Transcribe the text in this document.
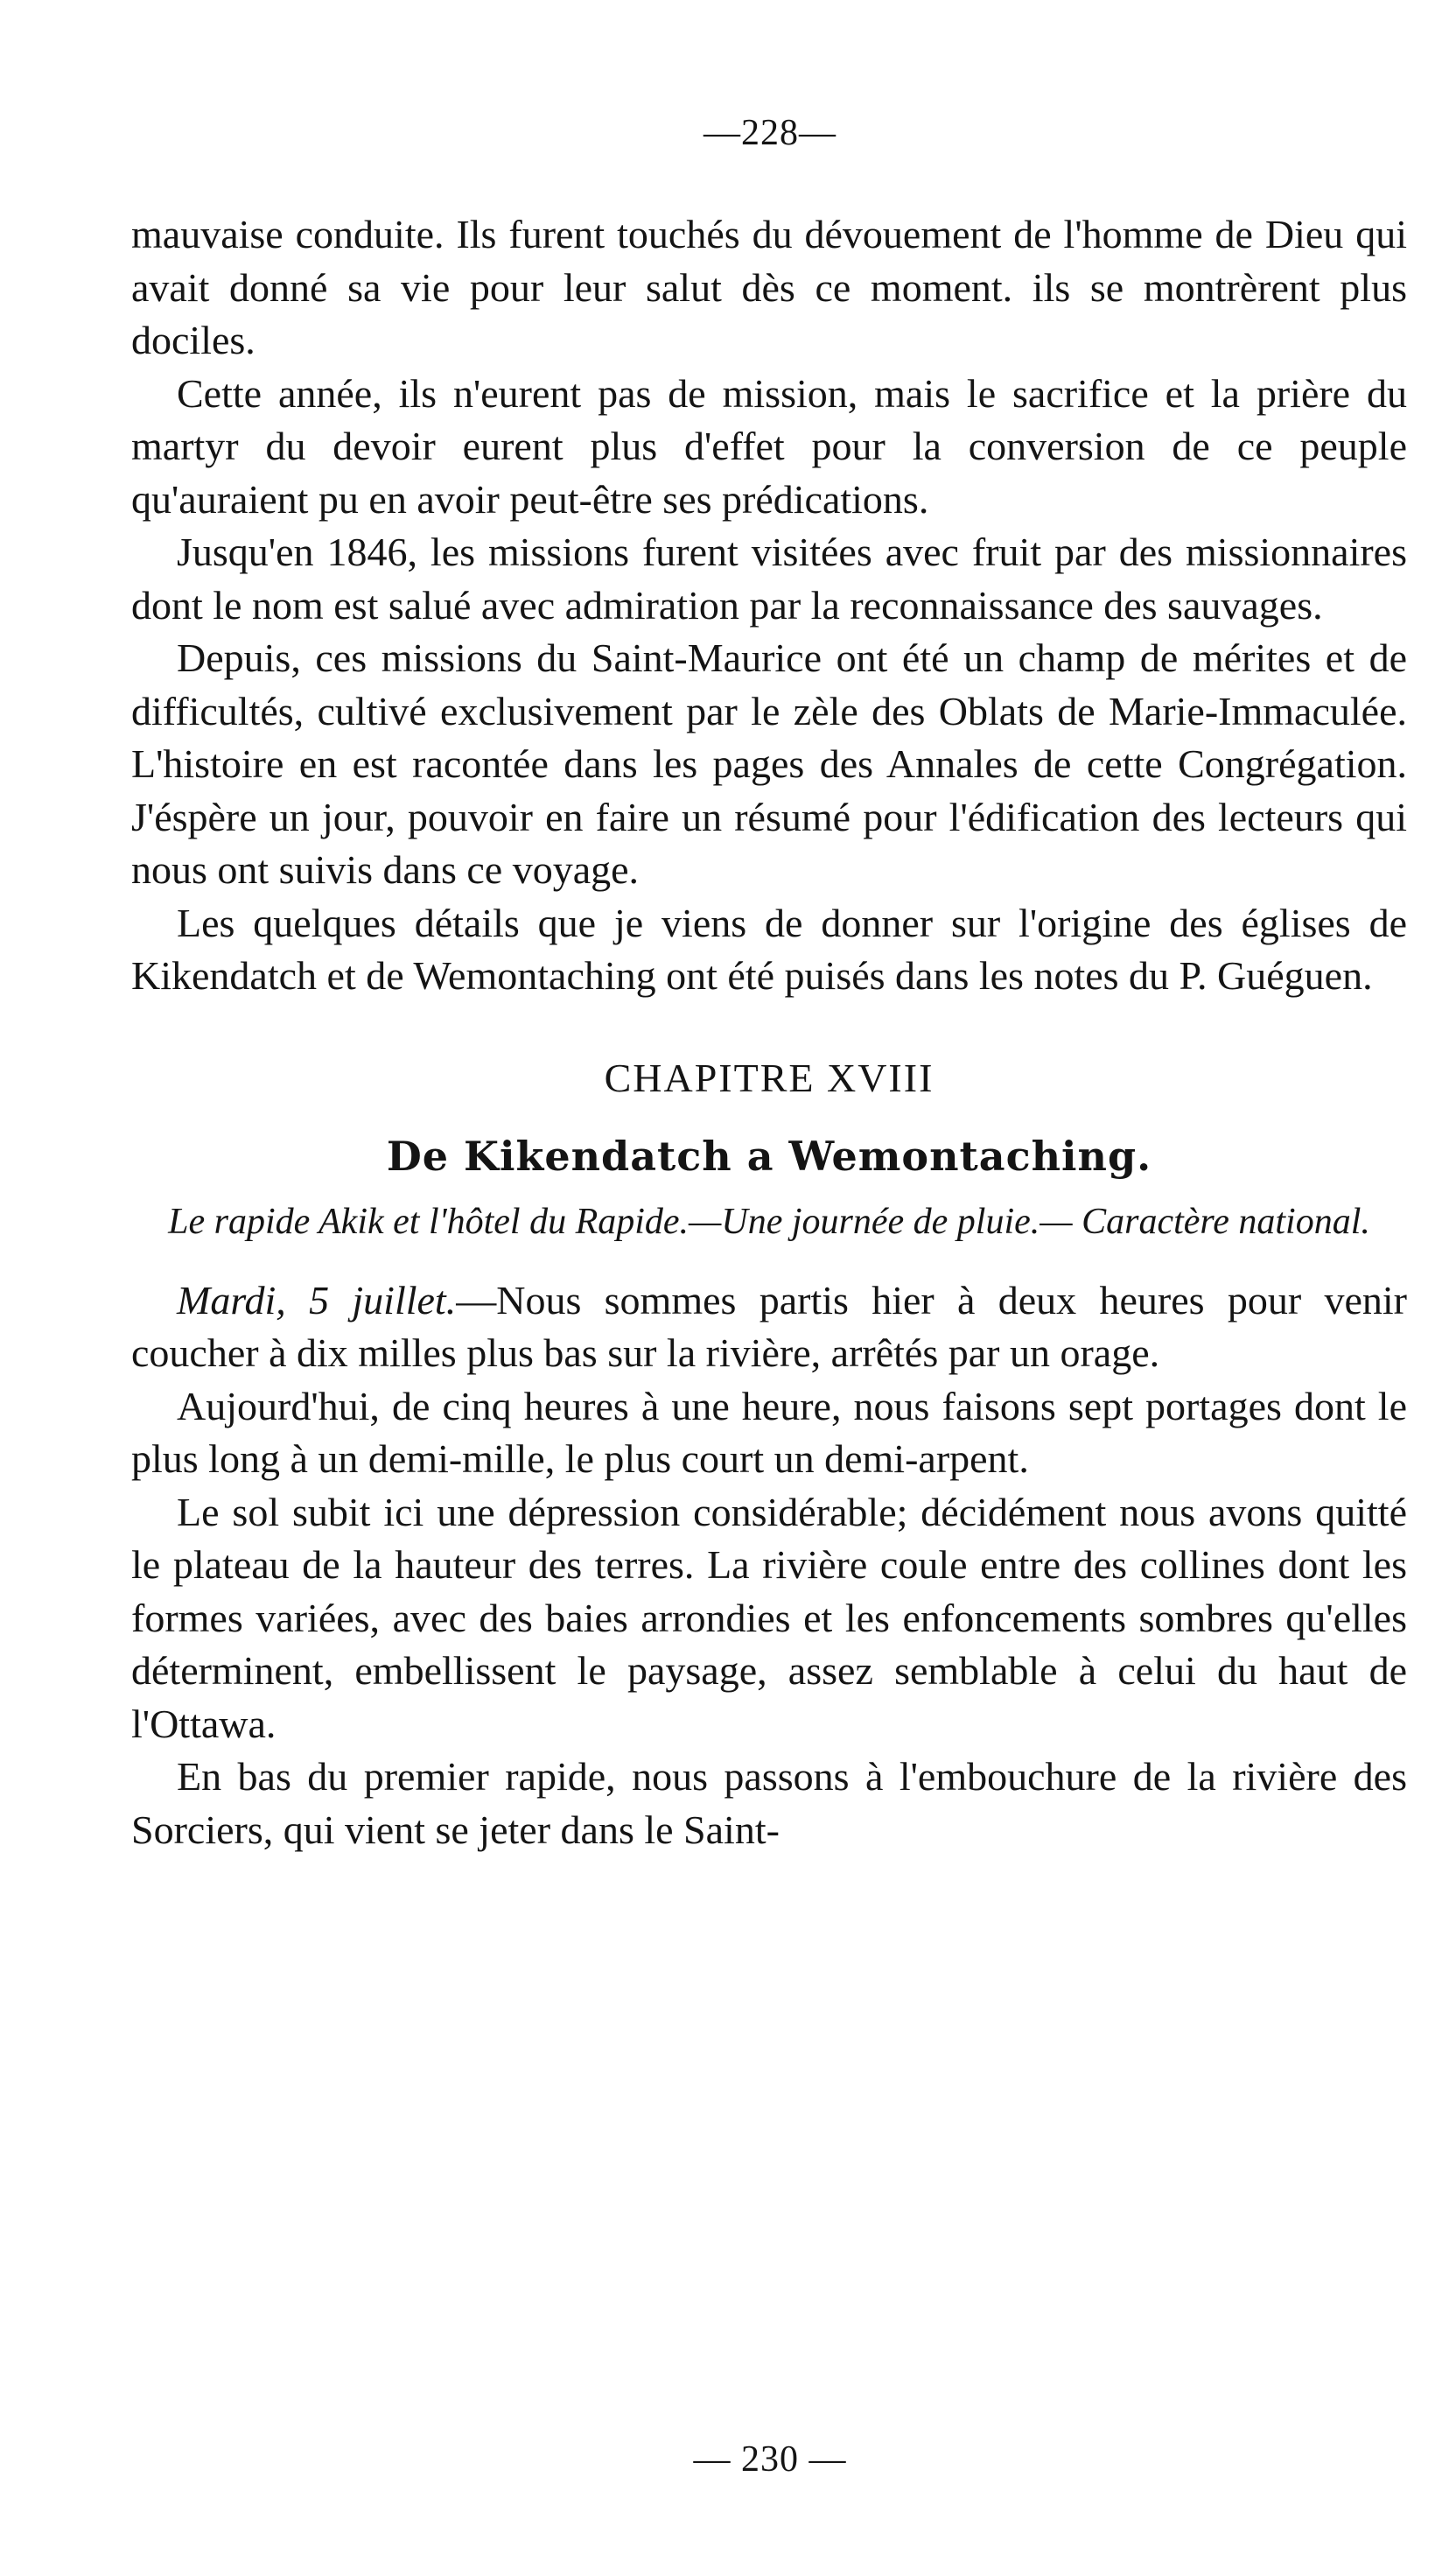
—228—

mauvaise conduite. Ils furent touchés du dévouement de l'homme de Dieu qui avait donné sa vie pour leur salut dès ce moment. ils se montrèrent plus dociles.

Cette année, ils n'eurent pas de mission, mais le sacrifice et la prière du martyr du devoir eurent plus d'effet pour la conversion de ce peuple qu'auraient pu en avoir peut-être ses prédications.

Jusqu'en 1846, les missions furent visitées avec fruit par des missionnaires dont le nom est salué avec admiration par la reconnaissance des sauvages.

Depuis, ces missions du Saint-Maurice ont été un champ de mérites et de difficultés, cultivé exclusivement par le zèle des Oblats de Marie-Immaculée. L'histoire en est racontée dans les pages des Annales de cette Congrégation. J'éspère un jour, pouvoir en faire un résumé pour l'édification des lecteurs qui nous ont suivis dans ce voyage.

Les quelques détails que je viens de donner sur l'origine des églises de Kikendatch et de Wemontaching ont été puisés dans les notes du P. Guéguen.

CHAPITRE XVIII
De Kikendatch a Wemontaching.
Le rapide Akik et l'hôtel du Rapide.—Une journée de pluie.— Caractère national.

Mardi, 5 juillet.—Nous sommes partis hier à deux heures pour venir coucher à dix milles plus bas sur la rivière, arrêtés par un orage.

Aujourd'hui, de cinq heures à une heure, nous faisons sept portages dont le plus long à un demi-mille, le plus court un demi-arpent.

Le sol subit ici une dépression considérable; décidément nous avons quitté le plateau de la hauteur des terres. La rivière coule entre des collines dont les formes variées, avec des baies arrondies et les enfoncements sombres qu'elles déterminent, embellissent le paysage, assez semblable à celui du haut de l'Ottawa.

En bas du premier rapide, nous passons à l'embouchure de la rivière des Sorciers, qui vient se jeter dans le Saint-

— 230 —
